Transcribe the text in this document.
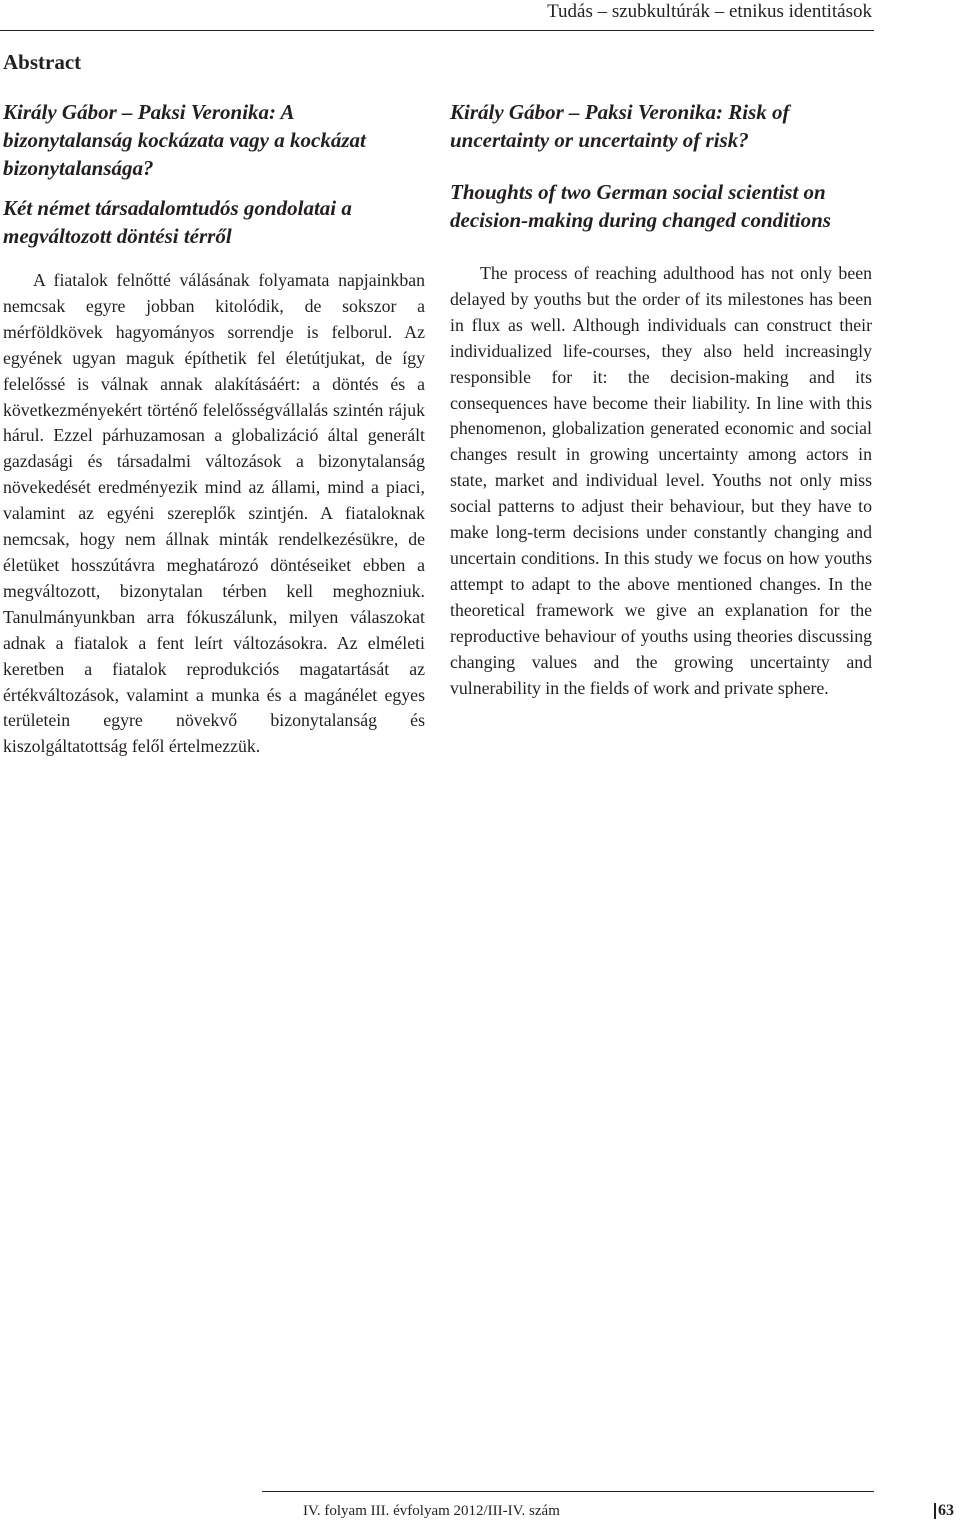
Tudás – szubkultúrák – etnikus identitások
Abstract

Király Gábor – Paksi Veronika: A bizonytalanság kockázata vagy a kockázat bizonytalansága?

Két német társadalomtudós gondolatai a megváltozott döntési térről

A fiatalok felnőtté válásának folyamata napjainkban nemcsak egyre jobban kitolódik, de sokszor a mérföldkövek hagyományos sorrendje is felborul. Az egyének ugyan maguk építhetik fel életútjukat, de így felelőssé is válnak annak alakításáért: a döntés és a következményekért történő felelősségvállalás szintén rájuk hárul. Ezzel párhuzamosan a globalizáció által generált gazdasági és társadalmi változások a bizonytalanság növekedését eredményezik mind az állami, mind a piaci, valamint az egyéni szereplők szintjén. A fiataloknak nemcsak, hogy nem állnak minták rendelkezésükre, de életüket hosszútávra meghatározó döntéseiket ebben a megváltozott, bizonytalan térben kell meghozniuk. Tanulmányunkban arra fókuszálunk, milyen válaszokat adnak a fiatalok a fent leírt változásokra. Az elméleti keretben a fiatalok reprodukciós magatartását az értékváltozások, valamint a munka és a magánélet egyes területein egyre növekvő bizonytalanság és kiszolgáltatottság felől értelmezzük.

Király Gábor – Paksi Veronika: Risk of uncertainty or uncertainty of risk?

Thoughts of two German social scientist on decision-making during changed conditions

The process of reaching adulthood has not only been delayed by youths but the order of its milestones has been in flux as well. Although individuals can construct their individualized life-courses, they also held increasingly responsible for it: the decision-making and its consequences have become their liability. In line with this phenomenon, globalization generated economic and social changes result in growing uncertainty among actors in state, market and individual level. Youths not only miss social patterns to adjust their behaviour, but they have to make long-term decisions under constantly changing and uncertain conditions. In this study we focus on how youths attempt to adapt to the above mentioned changes. In the theoretical framework we give an explanation for the reproductive behaviour of youths using theories discussing changing values and the growing uncertainty and vulnerability in the fields of work and private sphere.

IV. folyam III. évfolyam 2012/III-IV. szám	63
